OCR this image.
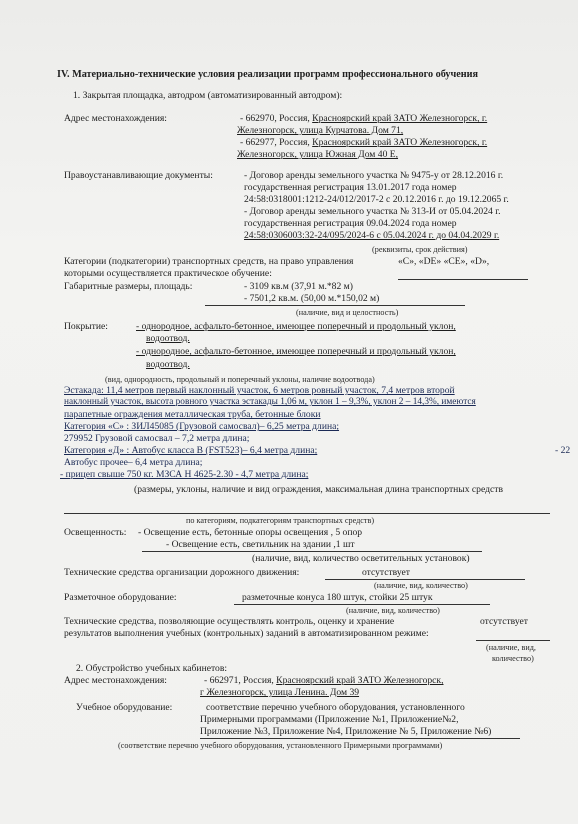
IV. Материально-технические условия реализации программ профессионального обучения
1. Закрытая площадка, автодром (автоматизированный автодром):
Адрес местонахождения:	- 662970, Россия, Красноярский край ЗАТО Железногорск, г.
Железногорск, улица Курчатова. Дом 71,
- 662977, Россия, Красноярский край ЗАТО Железногорск, г.
Железногорск, улица Южная Дом 40 Е,
Правоустанавливающие документы:	- Договор аренды земельного участка № 9475-у от 28.12.2016 г.
государственная регистрация 13.01.2017 года номер
24:58:0318001:1212-24/012/2017-2 с 20.12.2016 г. до 19.12.2065 г.
- Договор аренды земельного участка № 313-И от 05.04.2024 г.
государственная регистрация 09.04.2024 года номер
24:58:0306003:32-24/095/2024-6 с 05.04.2024 г. до 04.04.2029 г.
(реквизиты, срок действия)
Категории (подкатегории) транспортных средств, на право управления	«С», «DE» «CE», «D»,
которыми осуществляется практическое обучение:
Габаритные размеры, площадь:	- 3109 кв.м (37,91 м.*82 м)
- 7501,2 кв.м. (50,00 м.*150,02 м)
(наличие, вид и целостность)
Покрытие:	- однородное, асфальто-бетонное, имеющее поперечный и продольный уклон,
водоотвод.
- однородное, асфальто-бетонное, имеющее поперечный и продольный уклон,
водоотвод.
(вид, однородность, продольный и поперечный уклоны, наличие водоотвода)
Эстакада: 11,4 метров первый наклонный участок, 6 метров ровный участок, 7,4 метров второй
наклонный участок, высота ровного участка эстакады 1,06 м, уклон 1 – 9,3%, уклон 2 – 14,3%, имеются
парапетные ограждения металлическая труба, бетонные блоки
Категория «С» : ЗИЛ45085 (Грузовой самосвал)– 6,25 метра длина;
279952 Грузовой самосвал – 7,2 метра длина;
Категория «Д» : Автобус класса В (FST523)– 6,4 метра длина;	- 22
Автобус прочее– 6,4 метра длина;
- прицеп свыше 750 кг. МЗСА Н 4625-2.30 - 4,7 метра длина;
(размеры, уклоны, наличие и вид ограждения, максимальная длина транспортных средств
по категориям, подкатегориям транспортных средств)
Освещенность: - Освещение есть, бетонные опоры освещения , 5 опор
- Освещение есть, светильник на здании ,1 шт
(наличие, вид, количество осветительных установок)
Технические средства организации дорожного движения:	отсутствует
(наличие, вид, количество)
Разметочное оборудование:	разметочные конуса 180 штук, стойки 25 штук
(наличие, вид, количество)
Технические средства, позволяющие осуществлять контроль, оценку и хранение	отсутствует
результатов выполнения учебных (контрольных) заданий в автоматизированном режиме:
(наличие, вид,
количество)
2. Обустройство учебных кабинетов:
Адрес местонахождения:	- 662971, Россия, Красноярский край ЗАТО Железногорск,
г Железногорск, улица Ленина. Дом 39
Учебное оборудование:	соответствие перечню учебного оборудования, установленного
Примерными программами (Приложение №1, Приложение№2,
Приложение №3, Приложение №4, Приложение № 5, Приложение №6)
(соответствие перечню учебного оборудования, установленного Примерными программами)
